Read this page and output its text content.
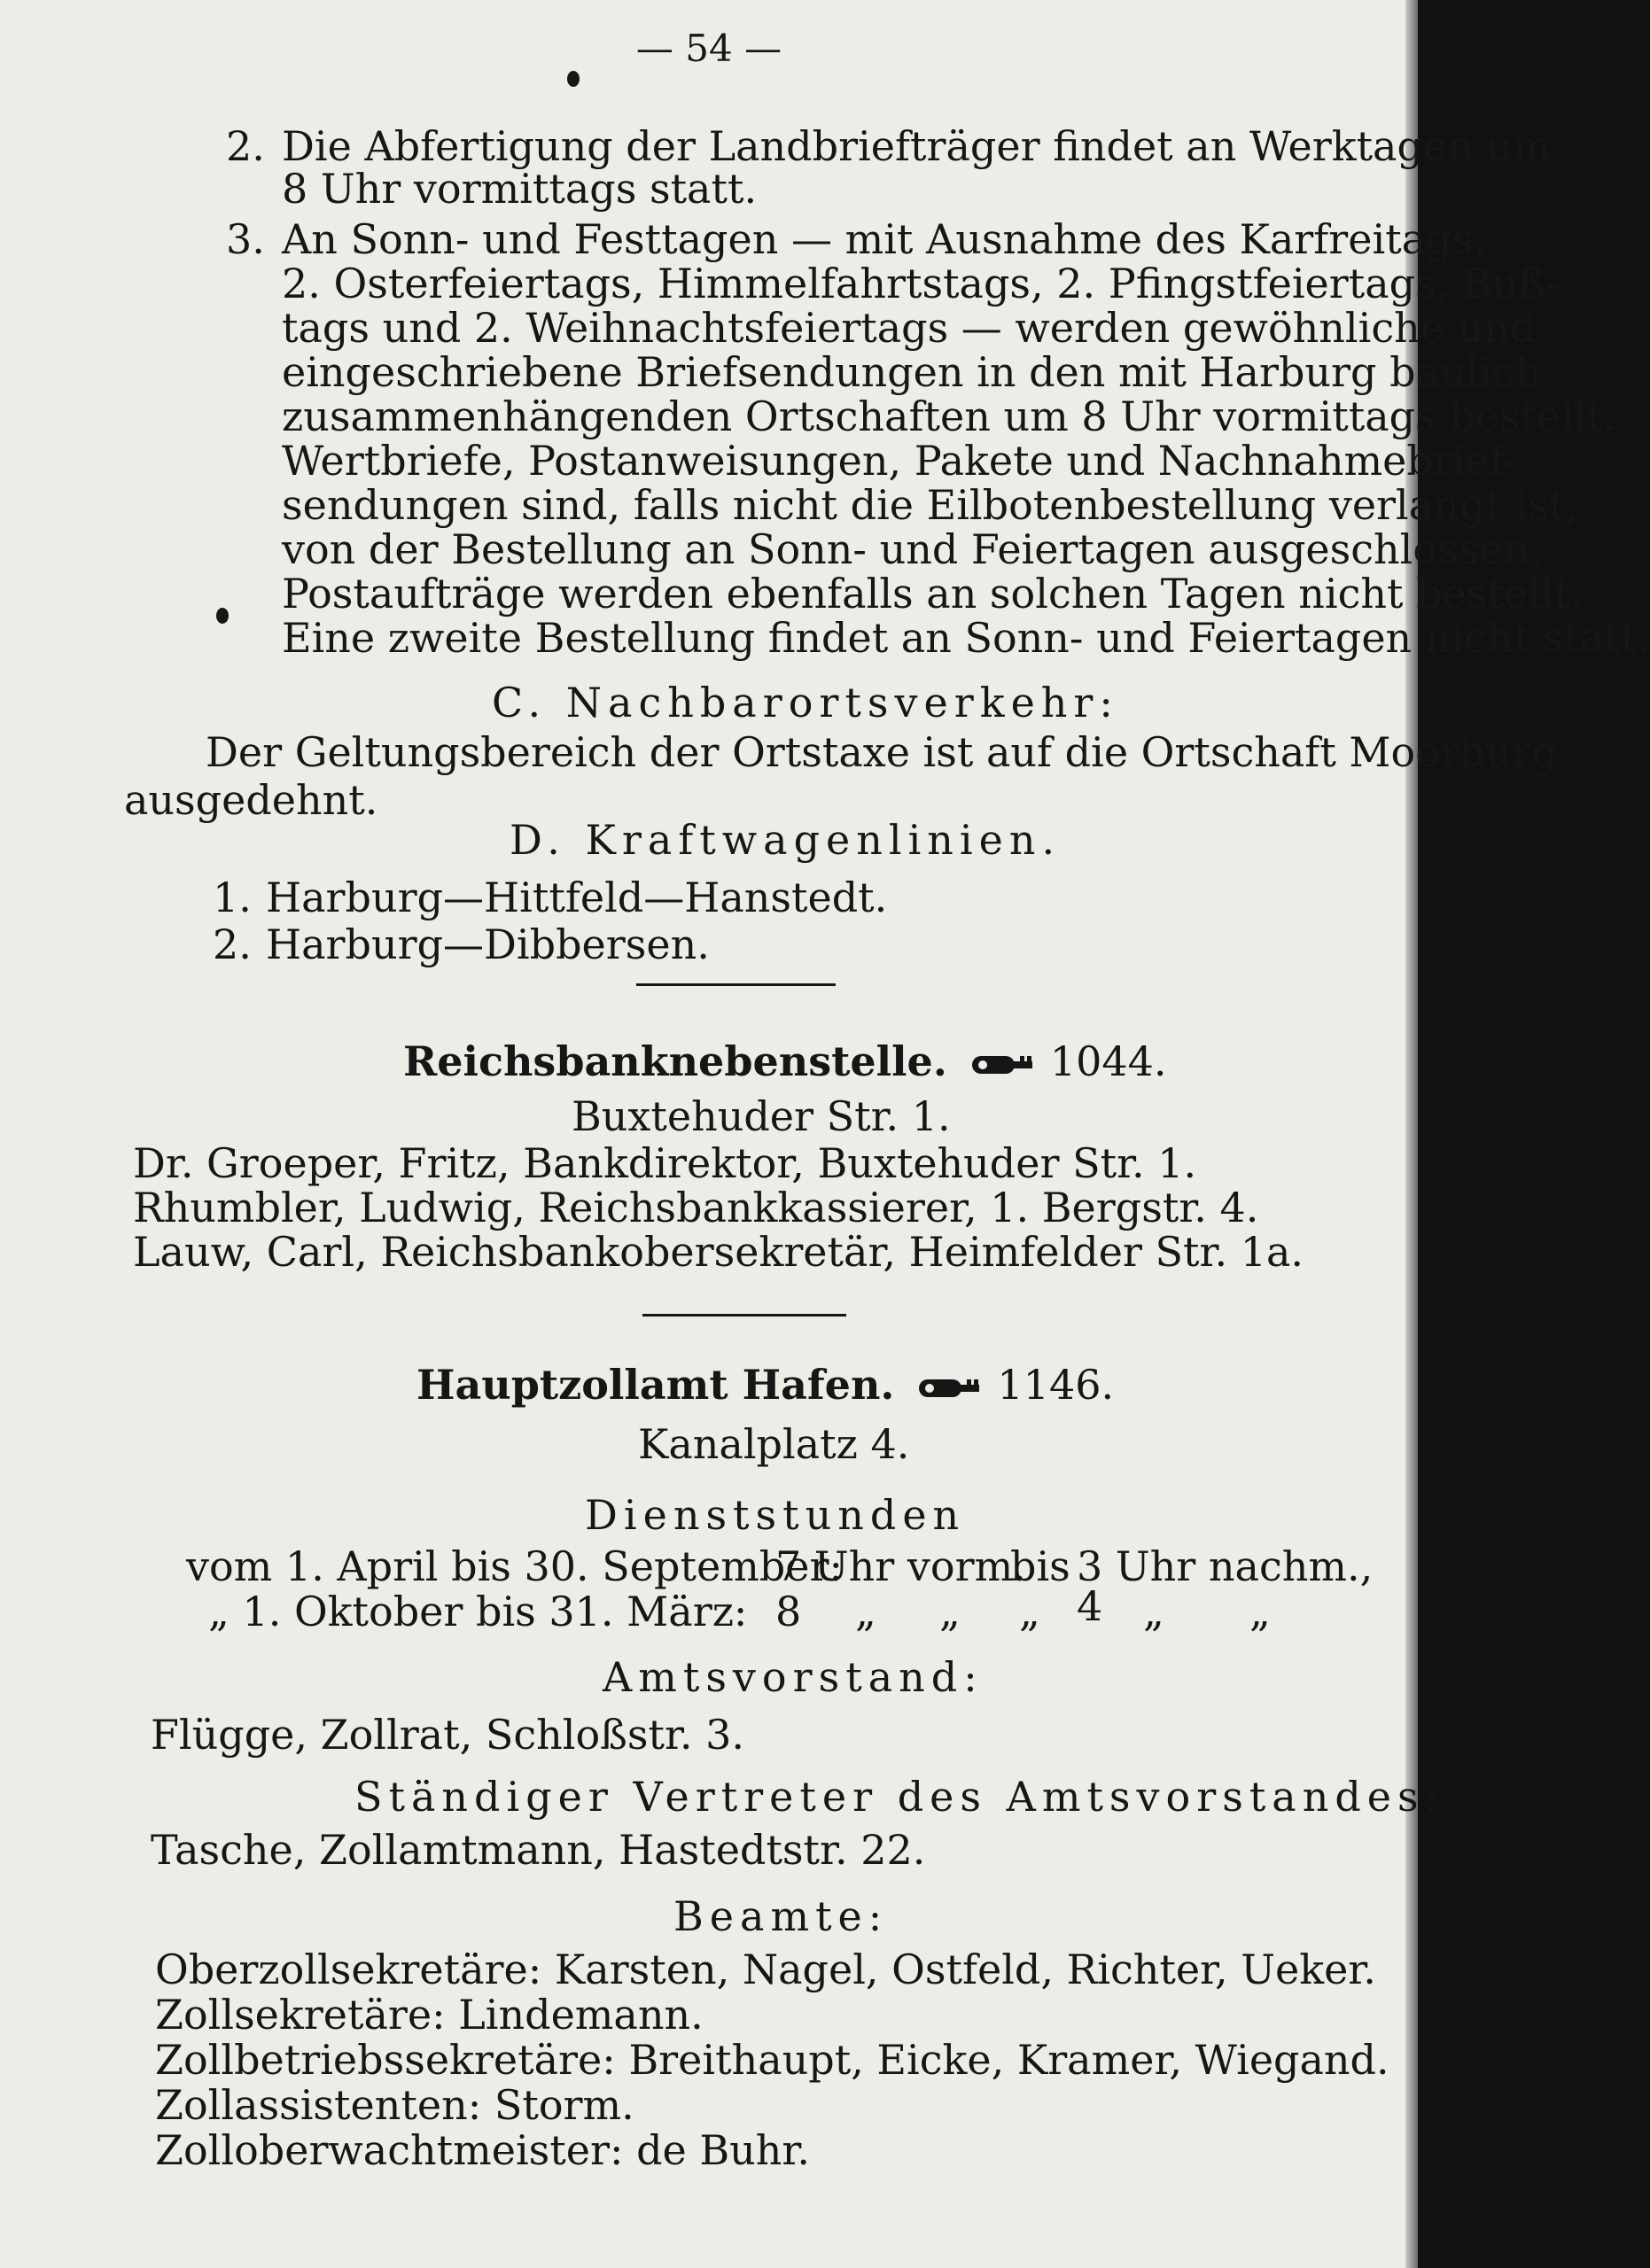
— 54 —
2. Die Abfertigung der Landbriefträger findet an Werktagen um
8 Uhr vormittags statt.
3. An Sonn- und Festtagen — mit Ausnahme des Karfreitags,
2. Osterfeiertags, Himmelfahrtstags, 2. Pfingstfeiertags, Buß-
tags und 2. Weihnachtsfeiertags — werden gewöhnliche und
eingeschriebene Briefsendungen in den mit Harburg baulich
zusammenhängenden Ortschaften um 8 Uhr vormittags bestellt.
Wertbriefe, Postanweisungen, Pakete und Nachnahmebrief-
sendungen sind, falls nicht die Eilbotenbestellung verlangt ist,
von der Bestellung an Sonn- und Feiertagen ausgeschlossen.
Postaufträge werden ebenfalls an solchen Tagen nicht bestellt.
Eine zweite Bestellung findet an Sonn- und Feiertagen nicht statt.
C. Nachbarortsverkehr:
Der Geltungsbereich der Ortstaxe ist auf die Ortschaft Moorburg
ausgedehnt.
D. Kraftwagenlinien.
1. Harburg—Hittfeld—Hanstedt.
2. Harburg—Dibbersen.
Reichsbanknebenstelle.	1044.
Buxtehuder Str. 1.
Dr. Groeper, Fritz, Bankdirektor, Buxtehuder Str. 1.
Rhumbler, Ludwig, Reichsbankkassierer, 1. Bergstr. 4.
Lauw, Carl, Reichsbankobersekretär, Heimfelder Str. 1a.
Hauptzollamt Hafen.	1146.
Kanalplatz 4.
Dienststunden
vom 1. April bis 30. September:
7 Uhr vorm.
bis 3 Uhr nachm.,
„ 1. Oktober bis 31. März: 8 „ „ „ 4 „ „
Amtsvorstand:
Flügge, Zollrat, Schloßstr. 3.
Ständiger Vertreter des Amtsvorstandes:
Tasche, Zollamtmann, Hastedtstr. 22.
Beamte:
Oberzollsekretäre: Karsten, Nagel, Ostfeld, Richter, Ueker.
Zollsekretäre: Lindemann.
Zollbetriebssekretäre: Breithaupt, Eicke, Kramer, Wiegand.
Zollassistenten: Storm.
Zolloberwachtmeister: de Buhr.
